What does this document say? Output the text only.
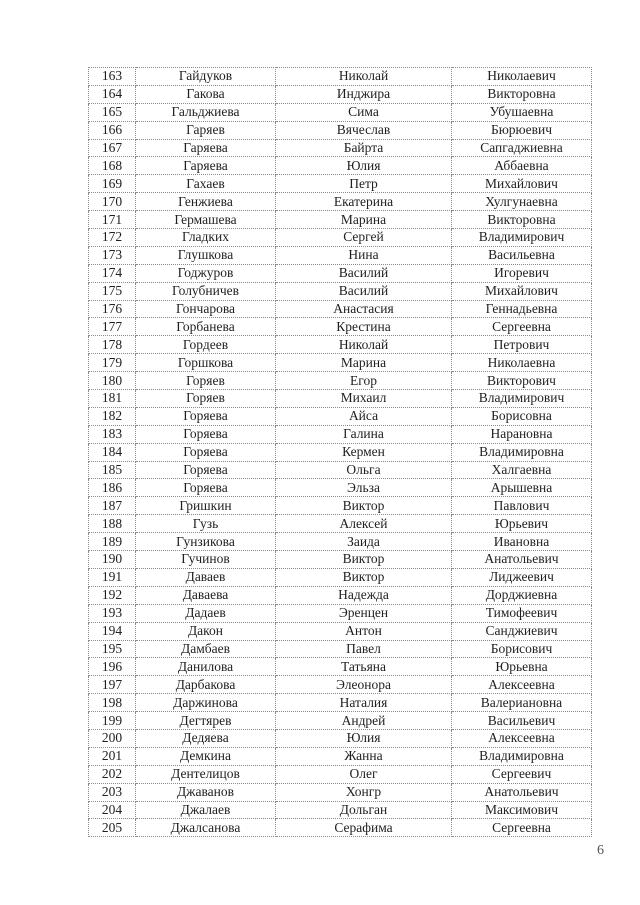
163	Гайдуков	Николай	Николаевич
164	Гакова	Инджира	Викторовна
165	Гальджиева	Сима	Убушаевна
166	Гаряев	Вячеслав	Бюрюевич
167	Гаряева	Байрта	Сапгаджиевна
168	Гаряева	Юлия	Аббаевна
169	Гахаев	Петр	Михайлович
170	Генжиева	Екатерина	Хулгунаевна
171	Гермашева	Марина	Викторовна
172	Гладких	Сергей	Владимирович
173	Глушкова	Нина	Васильевна
174	Годжуров	Василий	Игоревич
175	Голубничев	Василий	Михайлович
176	Гончарова	Анастасия	Геннадьевна
177	Горбанева	Крестина	Сергеевна
178	Гордеев	Николай	Петрович
179	Горшкова	Марина	Николаевна
180	Горяев	Егор	Викторович
181	Горяев	Михаил	Владимирович
182	Горяева	Айса	Борисовна
183	Горяева	Галина	Нарановна
184	Горяева	Кермен	Владимировна
185	Горяева	Ольга	Халгаевна
186	Горяева	Эльза	Арышевна
187	Гришкин	Виктор	Павлович
188	Гузь	Алексей	Юрьевич
189	Гунзикова	Заида	Ивановна
190	Гучинов	Виктор	Анатольевич
191	Даваев	Виктор	Лиджеевич
192	Даваева	Надежда	Дорджиевна
193	Дадаев	Эренцен	Тимофеевич
194	Дакон	Антон	Санджиевич
195	Дамбаев	Павел	Борисович
196	Данилова	Татьяна	Юрьевна
197	Дарбакова	Элеонора	Алексеевна
198	Даржинова	Наталия	Валериановна
199	Дегтярев	Андрей	Васильевич
200	Дедяева	Юлия	Алексеевна
201	Демкина	Жанна	Владимировна
202	Дентелицов	Олег	Сергеевич
203	Джаванов	Хонгр	Анатольевич
204	Джалаев	Дольган	Максимович
205	Джалсанова	Серафима	Сергеевна
6
